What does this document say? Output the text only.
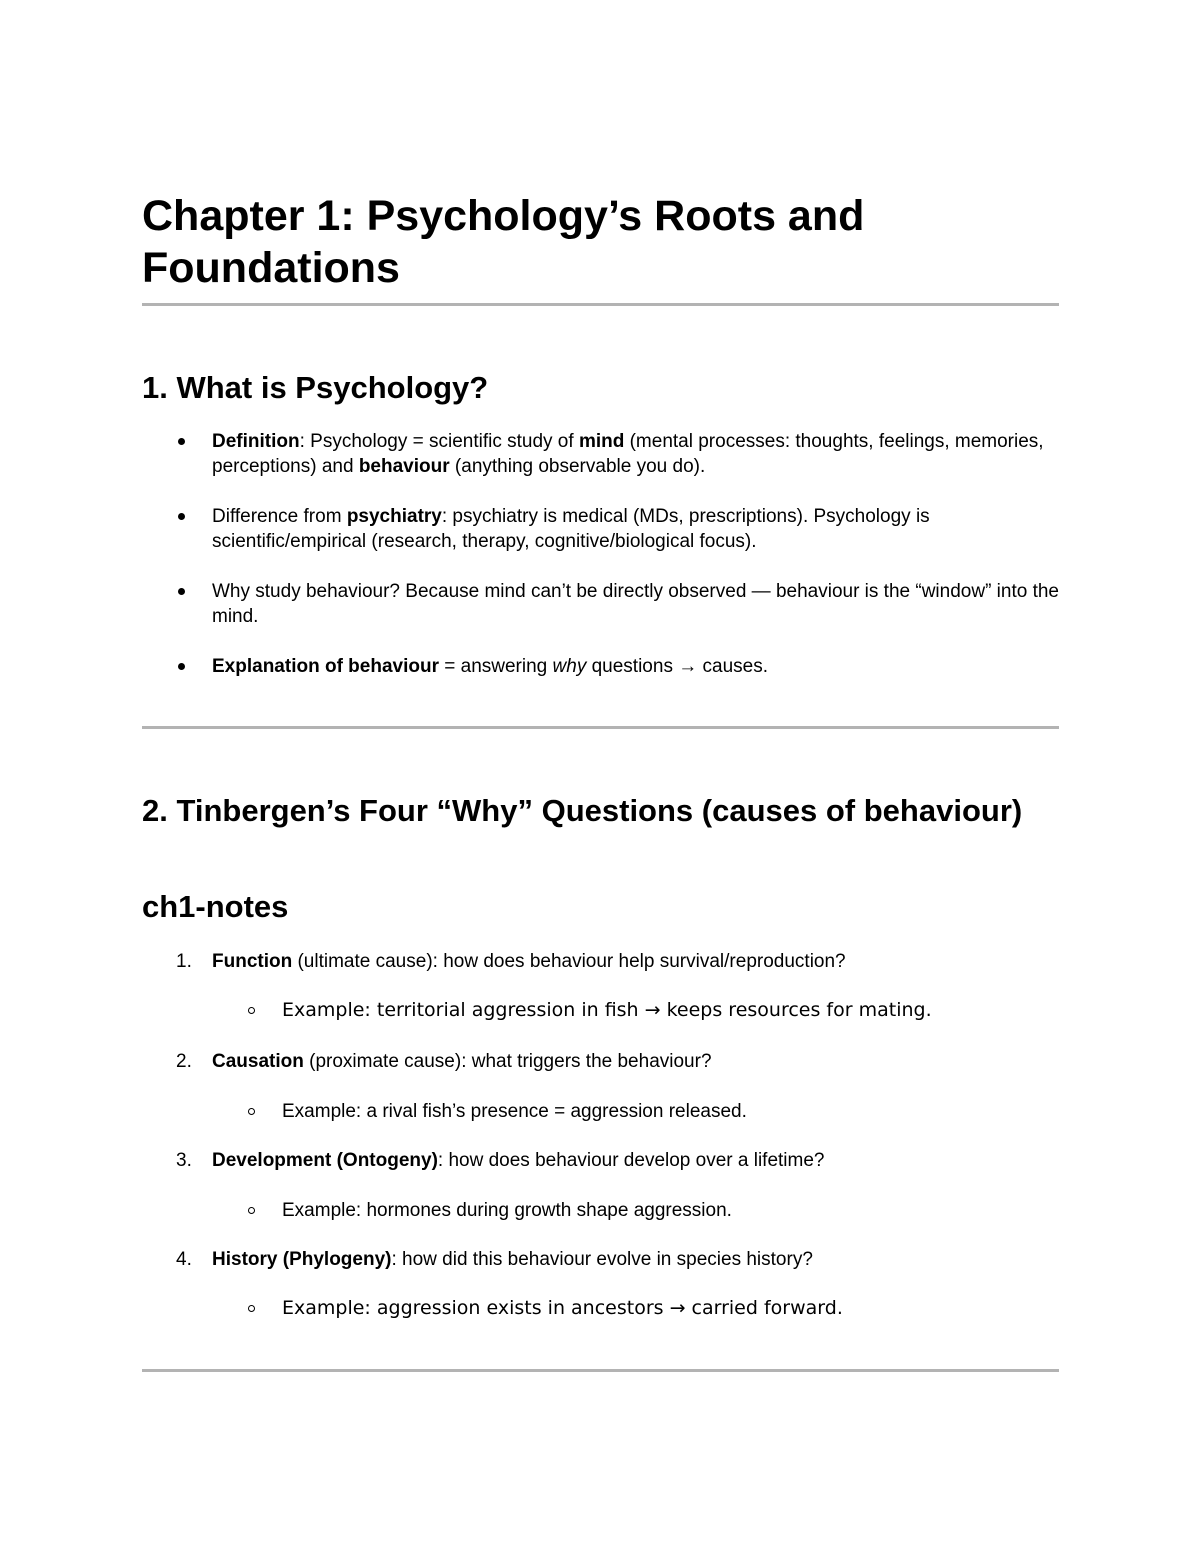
Chapter 1: Psychology’s Roots and Foundations
1. What is Psychology?
Definition: Psychology = scientific study of mind (mental processes: thoughts, feelings, memories, perceptions) and behaviour (anything observable you do).
Difference from psychiatry: psychiatry is medical (MDs, prescriptions). Psychology is scientific/empirical (research, therapy, cognitive/biological focus).
Why study behaviour? Because mind can’t be directly observed — behaviour is the “window” into the mind.
Explanation of behaviour = answering why questions → causes.
2. Tinbergen’s Four “Why” Questions (causes of behaviour)
ch1-notes
1.	Function (ultimate cause): how does behaviour help survival/reproduction?
Example: territorial aggression in fish → keeps resources for mating.
2.	Causation (proximate cause): what triggers the behaviour?
Example: a rival fish’s presence = aggression released.
3.	Development (Ontogeny): how does behaviour develop over a lifetime?
Example: hormones during growth shape aggression.
4.	History (Phylogeny): how did this behaviour evolve in species history?
Example: aggression exists in ancestors → carried forward.
